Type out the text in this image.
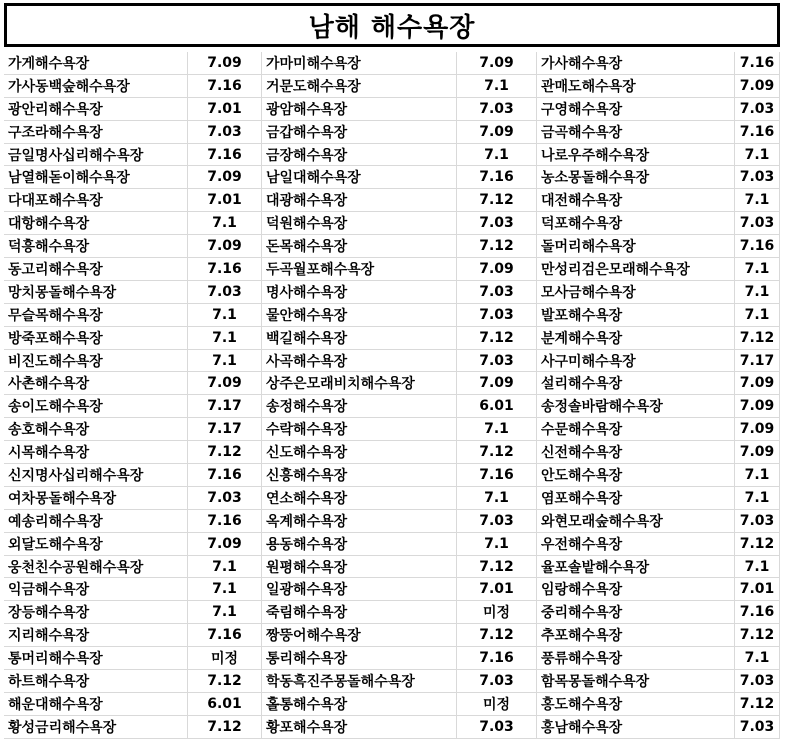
남해 해수욕장
가게해수욕장	7.09	가마미해수욕장	7.09	가사해수욕장	7.16
가사동백숲해수욕장	7.16	거문도해수욕장	7.1	관매도해수욕장	7.09
광안리해수욕장	7.01	광암해수욕장	7.03	구영해수욕장	7.03
구조라해수욕장	7.03	금갑해수욕장	7.09	금곡해수욕장	7.16
금일명사십리해수욕장	7.16	금장해수욕장	7.1	나로우주해수욕장	7.1
남열해돋이해수욕장	7.09	남일대해수욕장	7.16	농소몽돌해수욕장	7.03
다대포해수욕장	7.01	대광해수욕장	7.12	대전해수욕장	7.1
대항해수욕장	7.1	덕원해수욕장	7.03	덕포해수욕장	7.03
덕흥해수욕장	7.09	돈목해수욕장	7.12	돌머리해수욕장	7.16
동고리해수욕장	7.16	두곡월포해수욕장	7.09	만성리검은모래해수욕장	7.1
망치몽돌해수욕장	7.03	명사해수욕장	7.03	모사금해수욕장	7.1
무슬목해수욕장	7.1	물안해수욕장	7.03	발포해수욕장	7.1
방죽포해수욕장	7.1	백길해수욕장	7.12	분계해수욕장	7.12
비진도해수욕장	7.1	사곡해수욕장	7.03	사구미해수욕장	7.17
사촌해수욕장	7.09	상주은모래비치해수욕장	7.09	설리해수욕장	7.09
송이도해수욕장	7.17	송정해수욕장	6.01	송정솔바람해수욕장	7.09
송호해수욕장	7.17	수락해수욕장	7.1	수문해수욕장	7.09
시목해수욕장	7.12	신도해수욕장	7.12	신전해수욕장	7.09
신지명사십리해수욕장	7.16	신흥해수욕장	7.16	안도해수욕장	7.1
여차몽돌해수욕장	7.03	연소해수욕장	7.1	염포해수욕장	7.1
예송리해수욕장	7.16	옥계해수욕장	7.03	와현모래숲해수욕장	7.03
외달도해수욕장	7.09	용동해수욕장	7.1	우전해수욕장	7.12
웅천친수공원해수욕장	7.1	원평해수욕장	7.12	율포솔밭해수욕장	7.1
익금해수욕장	7.1	일광해수욕장	7.01	임랑해수욕장	7.01
장등해수욕장	7.1	죽림해수욕장	미정	중리해수욕장	7.16
지리해수욕장	7.16	짱뚱어해수욕장	7.12	추포해수욕장	7.12
통머리해수욕장	미정	통리해수욕장	7.16	풍류해수욕장	7.1
하트해수욕장	7.12	학동흑진주몽돌해수욕장	7.03	함목몽돌해수욕장	7.03
해운대해수욕장	6.01	홀통해수욕장	미정	홍도해수욕장	7.12
황성금리해수욕장	7.12	황포해수욕장	7.03	홍남해수욕장	7.03
